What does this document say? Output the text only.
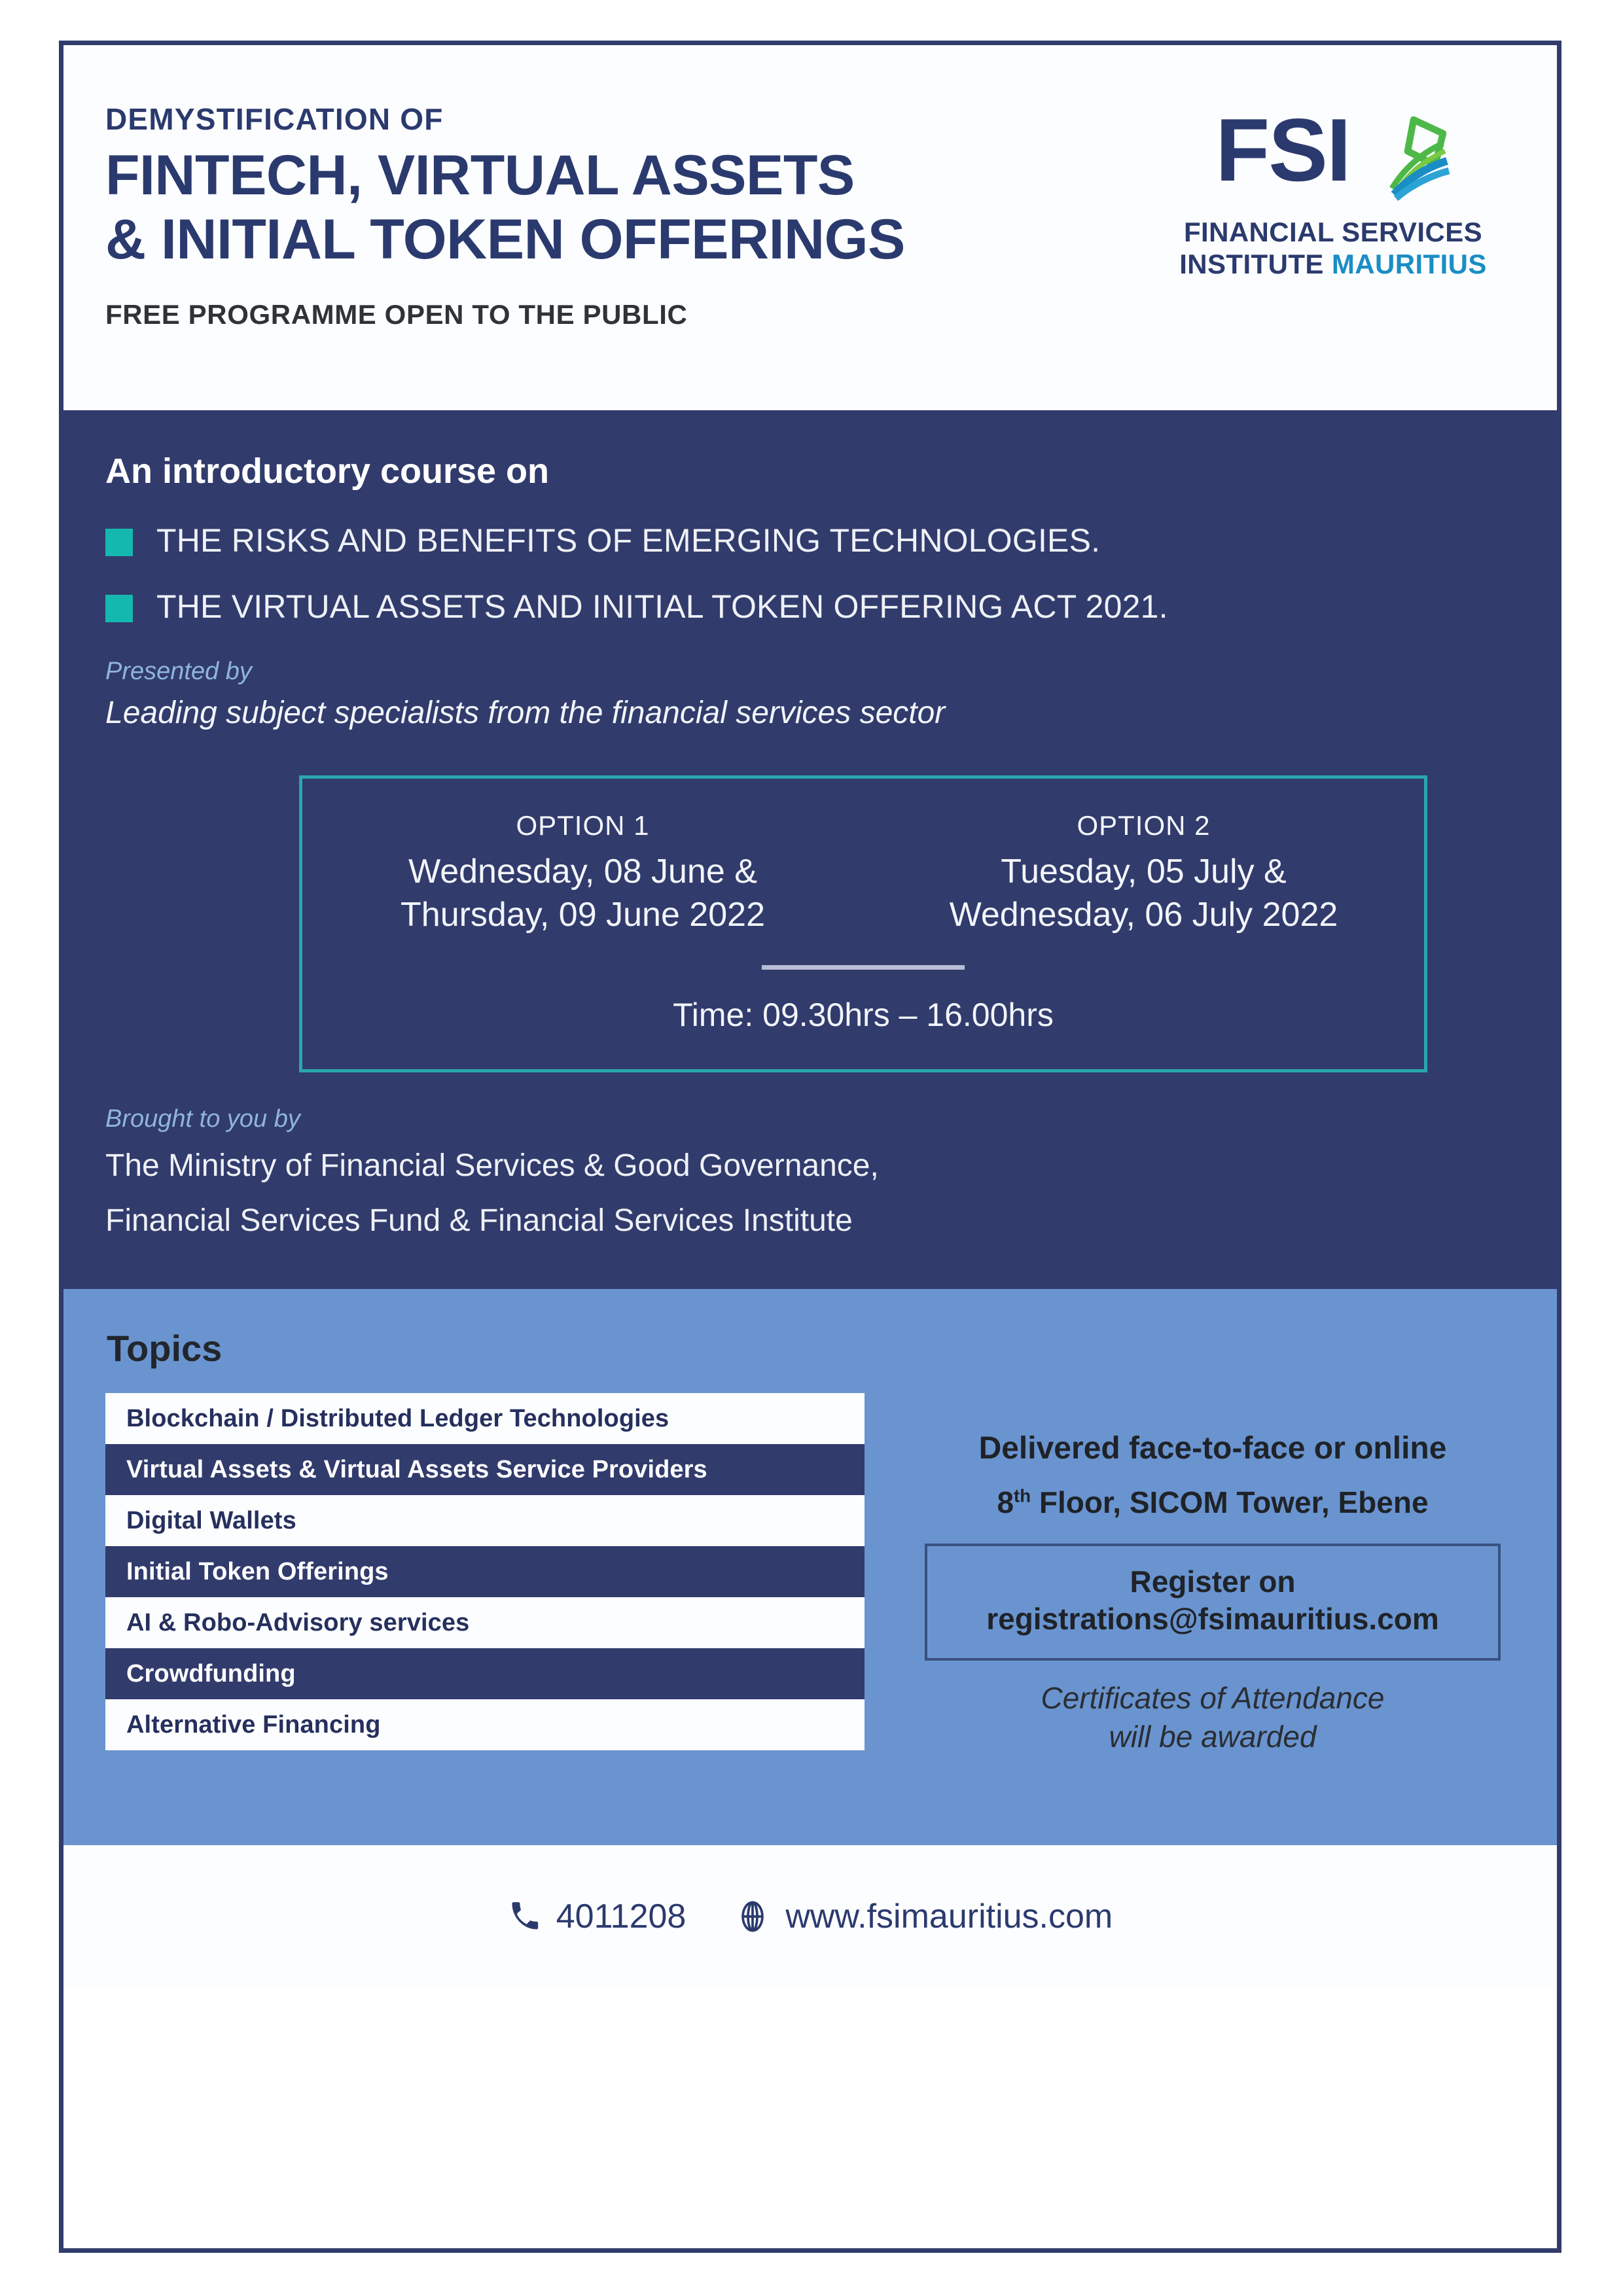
DEMYSTIFICATION OF
FINTECH, VIRTUAL ASSETS
& INITIAL TOKEN OFFERINGS
FREE PROGRAMME OPEN TO THE PUBLIC
FSI
FINANCIAL SERVICES
INSTITUTE MAURITIUS
An introductory course on
THE RISKS AND BENEFITS OF EMERGING TECHNOLOGIES.
THE VIRTUAL ASSETS AND INITIAL TOKEN OFFERING ACT 2021.
Presented by
Leading subject specialists from the financial services sector
OPTION 1
Wednesday, 08 June &
Thursday, 09 June 2022
OPTION 2
Tuesday, 05 July &
Wednesday, 06 July 2022
Time: 09.30hrs – 16.00hrs
Brought to you by
The Ministry of Financial Services & Good Governance,
Financial Services Fund & Financial Services Institute
Topics
Blockchain / Distributed Ledger Technologies
Virtual Assets & Virtual Assets Service Providers
Digital Wallets
Initial Token Offerings
AI & Robo-Advisory services
Crowdfunding
Alternative Financing
Delivered face-to-face or online
8th Floor, SICOM Tower, Ebene
Register on
registrations@fsimauritius.com
Certificates of Attendance
will be awarded
4011208	www.fsimauritius.com
